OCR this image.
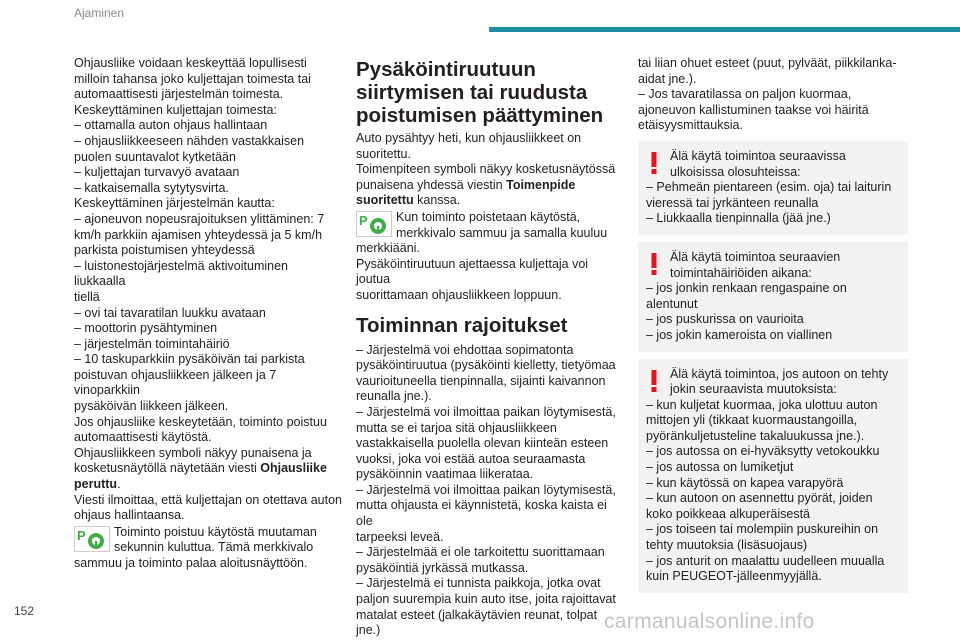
Ajaminen

Ohjausliike voidaan keskeyttää lopullisesti

milloin tahansa joko kuljettajan toimesta tai

automaattisesti järjestelmän toimesta.

Keskeyttäminen kuljettajan toimesta:

– ottamalla auton ohjaus hallintaan

– ohjausliikkeeseen nähden vastakkaisen

puolen suuntavalot kytketään

– kuljettajan turvavyö avataan

– katkaisemalla sytytysvirta.

Keskeyttäminen järjestelmän kautta:

– ajoneuvon nopeusrajoituksen ylittäminen: 7

km/h parkkiin ajamisen yhteydessä ja 5 km/h

parkista poistumisen yhteydessä

– luistonestojärjestelmä aktivoituminen liukkaalla

tiellä

– ovi tai tavaratilan luukku avataan

– moottorin pysähtyminen

– järjestelmän toimintahäiriö

– 10 taskuparkkiin pysäköivän tai parkista

poistuvan ohjausliikkeen jälkeen ja 7 vinoparkkiin

pysäköivän liikkeen jälkeen.

Jos ohjausliike keskeytetään, toiminto poistuu

automaattisesti käytöstä.

Ohjausliikkeen symboli näkyy punaisena ja

kosketusnäytöllä näytetään viesti Ohjausliike

peruttu.

Viesti ilmoittaa, että kuljettajan on otettava auton

ohjaus hallintaansa.

P	Toiminto poistuu käytöstä muutaman
sekunnin kuluttua. Tämä merkkivalo

sammuu ja toiminto palaa aloitusnäyttöön.

Pysäköintiruutuun
siirtymisen tai ruudusta
poistumisen päättyminen

Auto pysähtyy heti, kun ohjausliikkeet on

suoritettu.

Toimenpiteen symboli näkyy kosketusnäytössä

punaisena yhdessä viestin Toimenpide

suoritettu kanssa.

P	Kun toiminto poistetaan käytöstä,
merkkivalo sammuu ja samalla kuuluu

merkkiääni.

Pysäköintiruutuun ajettaessa kuljettaja voi joutua

suorittamaan ohjausliikkeen loppuun.

Toiminnan rajoitukset

– Järjestelmä voi ehdottaa sopimatonta

pysäköintiruutua (pysäköinti kielletty, tietyömaa

vaurioituneella tienpinnalla, sijainti kaivannon

reunalla jne.).

– Järjestelmä voi ilmoittaa paikan löytymisestä,

mutta se ei tarjoa sitä ohjausliikkeen

vastakkaisella puolella olevan kiinteän esteen

vuoksi, joka voi estää autoa seuraamasta

pysäköinnin vaatimaa liikerataa.

– Järjestelmä voi ilmoittaa paikan löytymisestä,

mutta ohjausta ei käynnistetä, koska kaista ei ole

tarpeeksi leveä.

– Järjestelmää ei ole tarkoitettu suorittamaan

pysäköintiä jyrkässä mutkassa.

– Järjestelmä ei tunnista paikkoja, jotka ovat

paljon suurempia kuin auto itse, joita rajoittavat

matalat esteet (jalkakäytävien reunat, tolpat jne.)

tai liian ohuet esteet (puut, pylväät, piikkilanka-

aidat jne.).

– Jos tavaratilassa on paljon kuormaa,

ajoneuvon kallistuminen taakse voi häiritä

etäisyysmittauksia.

Älä käytä toimintoa seuraavissa

ulkoisissa olosuhteissa:

– Pehmeän pientareen (esim. oja) tai laiturin

vieressä tai jyrkänteen reunalla

– Liukkaalla tienpinnalla (jää jne.)

Älä käytä toimintoa seuraavien

toimintahäiriöiden aikana:

– jos jonkin renkaan rengaspaine on

alentunut

– jos puskurissa on vaurioita

– jos jokin kameroista on viallinen

Älä käytä toimintoa, jos autoon on tehty

jokin seuraavista muutoksista:

– kun kuljetat kuormaa, joka ulottuu auton

mittojen yli (tikkaat kuormaustangoilla,

pyöränkuljetusteline takaluukussa jne.).

– jos autossa on ei-hyväksytty vetokoukku

– jos autossa on lumiketjut

– kun käytössä on kapea varapyörä

– kun autoon on asennettu pyörät, joiden

koko poikkeaa alkuperäisestä

– jos toiseen tai molempiin puskureihin on

tehty muutoksia (lisäsuojaus)

– jos anturit on maalattu uudelleen muualla

kuin PEUGEOT-jälleenmyyjällä.

152	carmanualsonline.info
